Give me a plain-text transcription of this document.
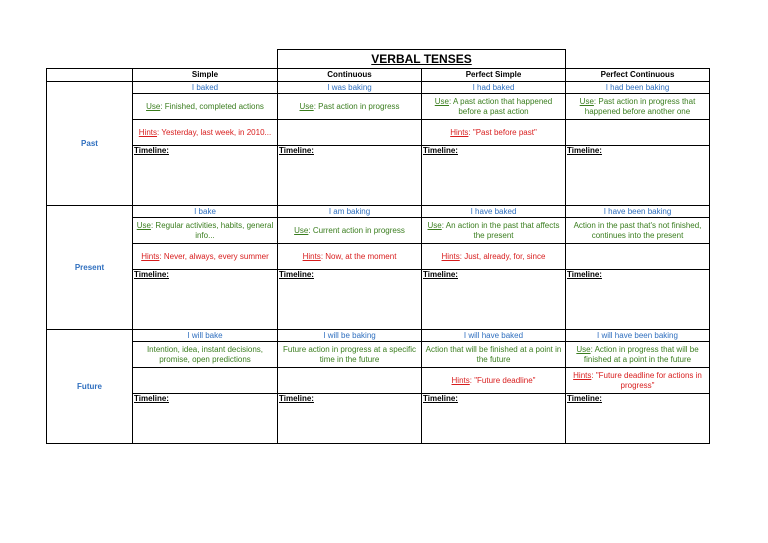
VERBAL TENSES
	Simple	Continuous	Perfect Simple	Perfect Continuous
Past	I baked	I was baking	I had baked	I had been baking
	Use: Finished, completed actions	Use: Past action in progress	Use: A past action that happened before a past action	Use: Past action in progress that happened before another one
	Hints: Yesterday, last week, in 2010...		Hints: "Past before past"	
	Timeline:	Timeline:	Timeline:	Timeline:
Present	I bake	I am baking	I have baked	I have been baking
	Use: Regular activities, habits, general info...	Use: Current action in progress	Use: An action in the past that affects the present	Action in the past that's not finished, continues into the present
	Hints: Never, always, every summer	Hints: Now, at the moment	Hints: Just, already, for, since	
	Timeline:	Timeline:	Timeline:	Timeline:
Future	I will bake	I will be baking	I will have baked	I will have been baking
	Intention, idea, instant decisions, promise, open predictions	Future action in progress at a specific time in the future	Action that will be finished at a point in the future	Use: Action in progress that will be finished at a point in the future
			Hints: "Future deadline"	Hints: "Future deadline for actions in progress"
	Timeline:	Timeline:	Timeline:	Timeline:
